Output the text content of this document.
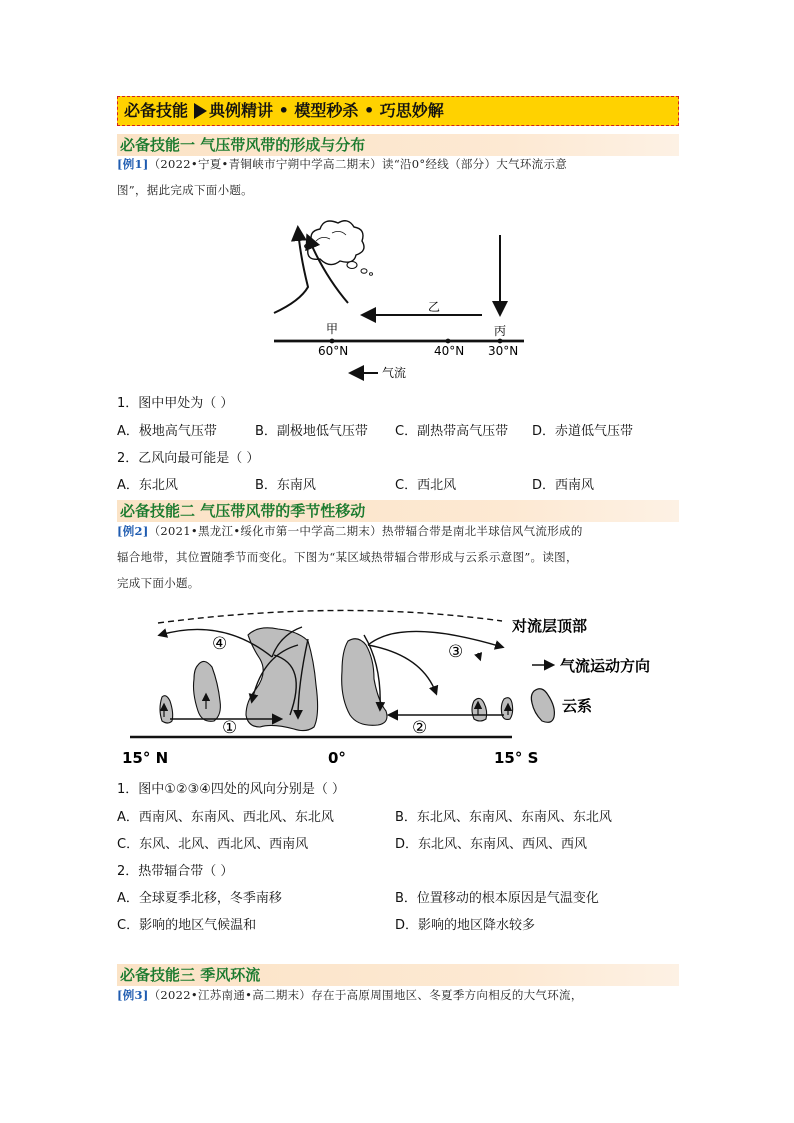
必备技能 典例精讲 • 模型秒杀 • 巧思妙解
必备技能一 气压带风带的形成与分布
[例1]（2022•宁夏•青铜峡市宁朔中学高二期末）读“沿0°经线（部分）大气环流示意
图”，据此完成下面小题。
乙
甲	丙
60°N	40°N 30°N
气流
1．图中甲处为（ ）
A．极地高气压带	B．副极地低气压带 C．副热带高气压带 D．赤道低气压带
2．乙风向最可能是（ ）
A．东北风	B．东南风	C．西北风	D．西南风
必备技能二 气压带风带的季节性移动
[例2]（2021•黑龙江•绥化市第一中学高二期末）热带辐合带是南北半球信风气流形成的
辐合地带，其位置随季节而变化。下图为“某区域热带辐合带形成与云系示意图”。读图，
完成下面小题。
对流层顶部
气流运动方向
云系
④
①	②
③
15° N	0°	15° S
1．图中①②③④四处的风向分别是（ ）
A．西南风、东南风、西北风、东北风	B．东北风、东南风、东南风、东北风
C．东风、北风、西北风、西南风	D．东北风、东南风、西风、西风
2．热带辐合带（ ）
A．全球夏季北移，冬季南移	B．位置移动的根本原因是气温变化
C．影响的地区气候温和	D．影响的地区降水较多
必备技能三 季风环流
[例3]（2022•江苏南通•高二期末）存在于高原周围地区、冬夏季方向相反的大气环流，
